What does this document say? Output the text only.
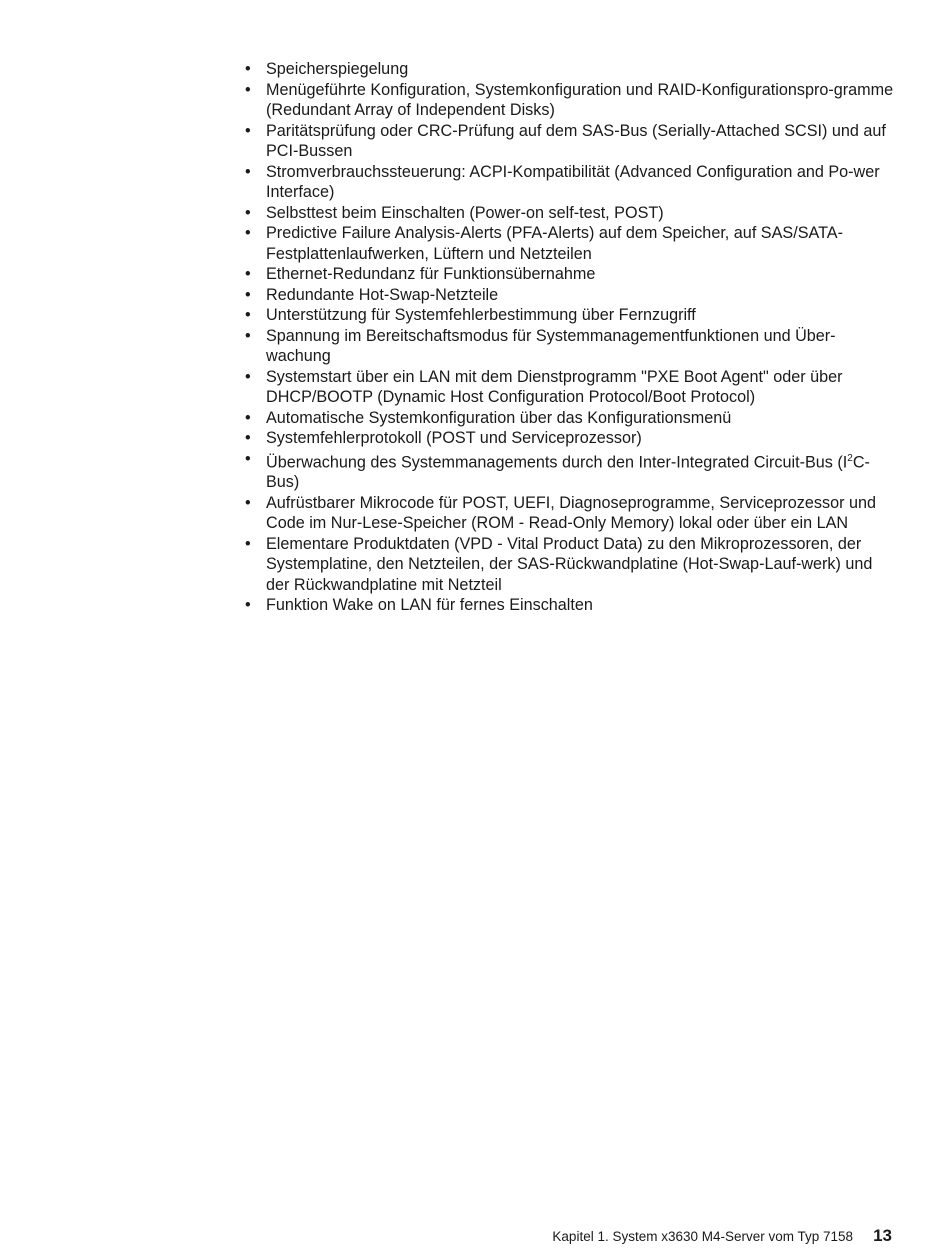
• Speicherspiegelung
• Menügeführte Konfiguration, Systemkonfiguration und RAID-Konfigurationspro-gramme (Redundant Array of Independent Disks)
• Paritätsprüfung oder CRC-Prüfung auf dem SAS-Bus (Serially-Attached SCSI) und auf PCI-Bussen
• Stromverbrauchssteuerung: ACPI-Kompatibilität (Advanced Configuration and Po-wer Interface)
• Selbsttest beim Einschalten (Power-on self-test, POST)
• Predictive Failure Analysis-Alerts (PFA-Alerts) auf dem Speicher, auf SAS/SATA-Festplattenlaufwerken, Lüftern und Netzteilen
• Ethernet-Redundanz für Funktionsübernahme
• Redundante Hot-Swap-Netzteile
• Unterstützung für Systemfehlerbestimmung über Fernzugriff
• Spannung im Bereitschaftsmodus für Systemmanagementfunktionen und Über-wachung
• Systemstart über ein LAN mit dem Dienstprogramm "PXE Boot Agent" oder über DHCP/BOOTP (Dynamic Host Configuration Protocol/Boot Protocol)
• Automatische Systemkonfiguration über das Konfigurationsmenü
• Systemfehlerprotokoll (POST und Serviceprozessor)
• Überwachung des Systemmanagements durch den Inter-Integrated Circuit-Bus $(I^2C-Bus)$
• Aufrüstbarer Mikrocode für POST, UEFI, Diagnoseprogramme, Serviceprozessor und Code im Nur-Lese-Speicher (ROM - Read-Only Memory) lokal oder über ein LAN
• Elementare Produktdaten (VPD - Vital Product Data) zu den Mikroprozessoren, der Systemplatine, den Netzteilen, der SAS-Rückwandplatine (Hot-Swap-Lauf-werk) und der Rückwandplatine mit Netzteil
• Funktion Wake on LAN für fernes Einschalten
Kapitel 1. System x3630 M4-Server vom Typ 7158 13
